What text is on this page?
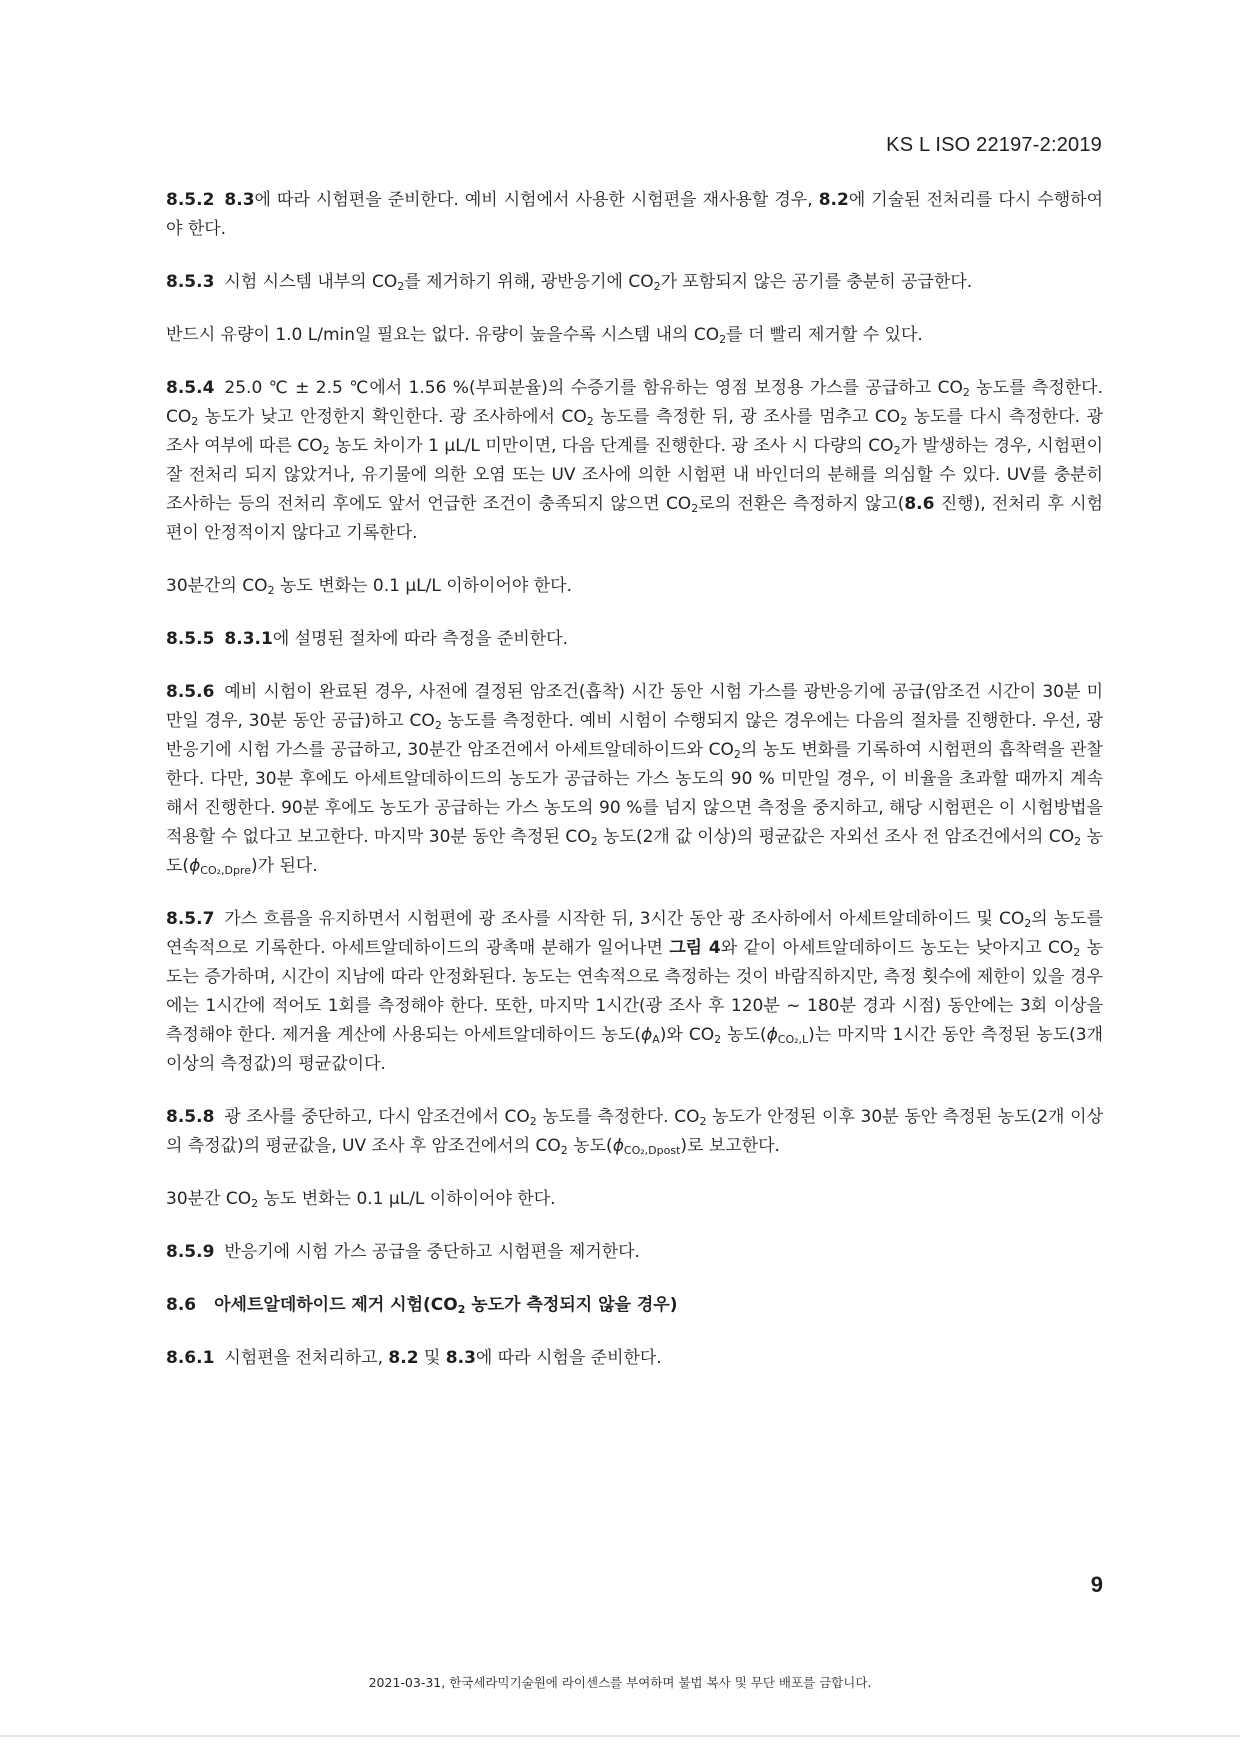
KS L ISO 22197-2:2019

8.5.2 8.3에 따라 시험편을 준비한다. 예비 시험에서 사용한 시험편을 재사용할 경우, 8.2에 기술된 전처리를 다시 수행하여야 한다.

8.5.3 시험 시스템 내부의 $CO_2$를 제거하기 위해, 광반응기에 $CO_2$가 포함되지 않은 공기를 충분히 공급한다.

반드시 유량이 1.0 L/min일 필요는 없다. 유량이 높을수록 시스템 내의 $CO_2$를 더 빨리 제거할 수 있다.

8.5.4 25.0 ℃ ± 2.5 ℃에서 1.56 %(부피분율)의 수증기를 함유하는 영점 보정용 가스를 공급하고 $CO_2$ 농도를 측정한다. $CO_2$ 농도가 낮고 안정한지 확인한다. 광 조사하에서 $CO_2$ 농도를 측정한 뒤, 광 조사를 멈추고 $CO_2$ 농도를 다시 측정한다. 광 조사 여부에 따른 $CO_2$ 농도 차이가 1 μL/L 미만이면, 다음 단계를 진행한다. 광 조사 시 다량의 $CO_2$가 발생하는 경우, 시험편이 잘 전처리 되지 않았거나, 유기물에 의한 오염 또는 UV 조사에 의한 시험편 내 바인더의 분해를 의심할 수 있다. UV를 충분히 조사하는 등의 전처리 후에도 앞서 언급한 조건이 충족되지 않으면 $CO_2$로의 전환은 측정하지 않고(8.6 진행), 전처리 후 시험편이 안정적이지 않다고 기록한다.

30분간의 $CO_2$ 농도 변화는 0.1 μL/L 이하이어야 한다.

8.5.5 8.3.1에 설명된 절차에 따라 측정을 준비한다.

8.5.6 예비 시험이 완료된 경우, 사전에 결정된 암조건(흡착) 시간 동안 시험 가스를 광반응기에 공급(암조건 시간이 30분 미만일 경우, 30분 동안 공급)하고 $CO_2$ 농도를 측정한다. 예비 시험이 수행되지 않은 경우에는 다음의 절차를 진행한다. 우선, 광반응기에 시험 가스를 공급하고, 30분간 암조건에서 아세트알데하이드와 $CO_2$의 농도 변화를 기록하여 시험편의 흡착력을 관찰한다. 다만, 30분 후에도 아세트알데하이드의 농도가 공급하는 가스 농도의 90 % 미만일 경우, 이 비율을 초과할 때까지 계속해서 진행한다. 90분 후에도 농도가 공급하는 가스 농도의 90 %를 넘지 않으면 측정을 중지하고, 해당 시험편은 이 시험방법을 적용할 수 없다고 보고한다. 마지막 30분 동안 측정된 $CO_2$ 농도(2개 값 이상)의 평균값은 자외선 조사 전 암조건에서의 $CO_2$ 농도$(\phi_{CO_2,Dpre})$가 된다.

8.5.7 가스 흐름을 유지하면서 시험편에 광 조사를 시작한 뒤, 3시간 동안 광 조사하에서 아세트알데하이드 및 $CO_2$의 농도를 연속적으로 기록한다. 아세트알데하이드의 광촉매 분해가 일어나면 그림 4와 같이 아세트알데하이드 농도는 낮아지고 $CO_2$ 농도는 증가하며, 시간이 지남에 따라 안정화된다. 농도는 연속적으로 측정하는 것이 바람직하지만, 측정 횟수에 제한이 있을 경우에는 1시간에 적어도 1회를 측정해야 한다. 또한, 마지막 1시간(광 조사 후 120분 ~ 180분 경과 시점) 동안에는 3회 이상을 측정해야 한다. 제거율 계산에 사용되는 아세트알데하이드 농도$(\phi_A)$와 $CO_2$ 농도$(\phi_{CO_2,L})$는 마지막 1시간 동안 측정된 농도(3개 이상의 측정값)의 평균값이다.

8.5.8 광 조사를 중단하고, 다시 암조건에서 $CO_2$ 농도를 측정한다. $CO_2$ 농도가 안정된 이후 30분 동안 측정된 농도(2개 이상의 측정값)의 평균값을, UV 조사 후 암조건에서의 $CO_2$ 농도$(\phi_{CO_2,Dpost})$로 보고한다.

30분간 $CO_2$ 농도 변화는 0.1 μL/L 이하이어야 한다.

8.5.9 반응기에 시험 가스 공급을 중단하고 시험편을 제거한다.

8.6 아세트알데하이드 제거 시험($CO_2$ 농도가 측정되지 않을 경우)

8.6.1 시험편을 전처리하고, 8.2 및 8.3에 따라 시험을 준비한다.

9
2021-03-31, 한국세라믹기술원에 라이센스를 부여하며 불법 복사 및 무단 배포를 금합니다.
